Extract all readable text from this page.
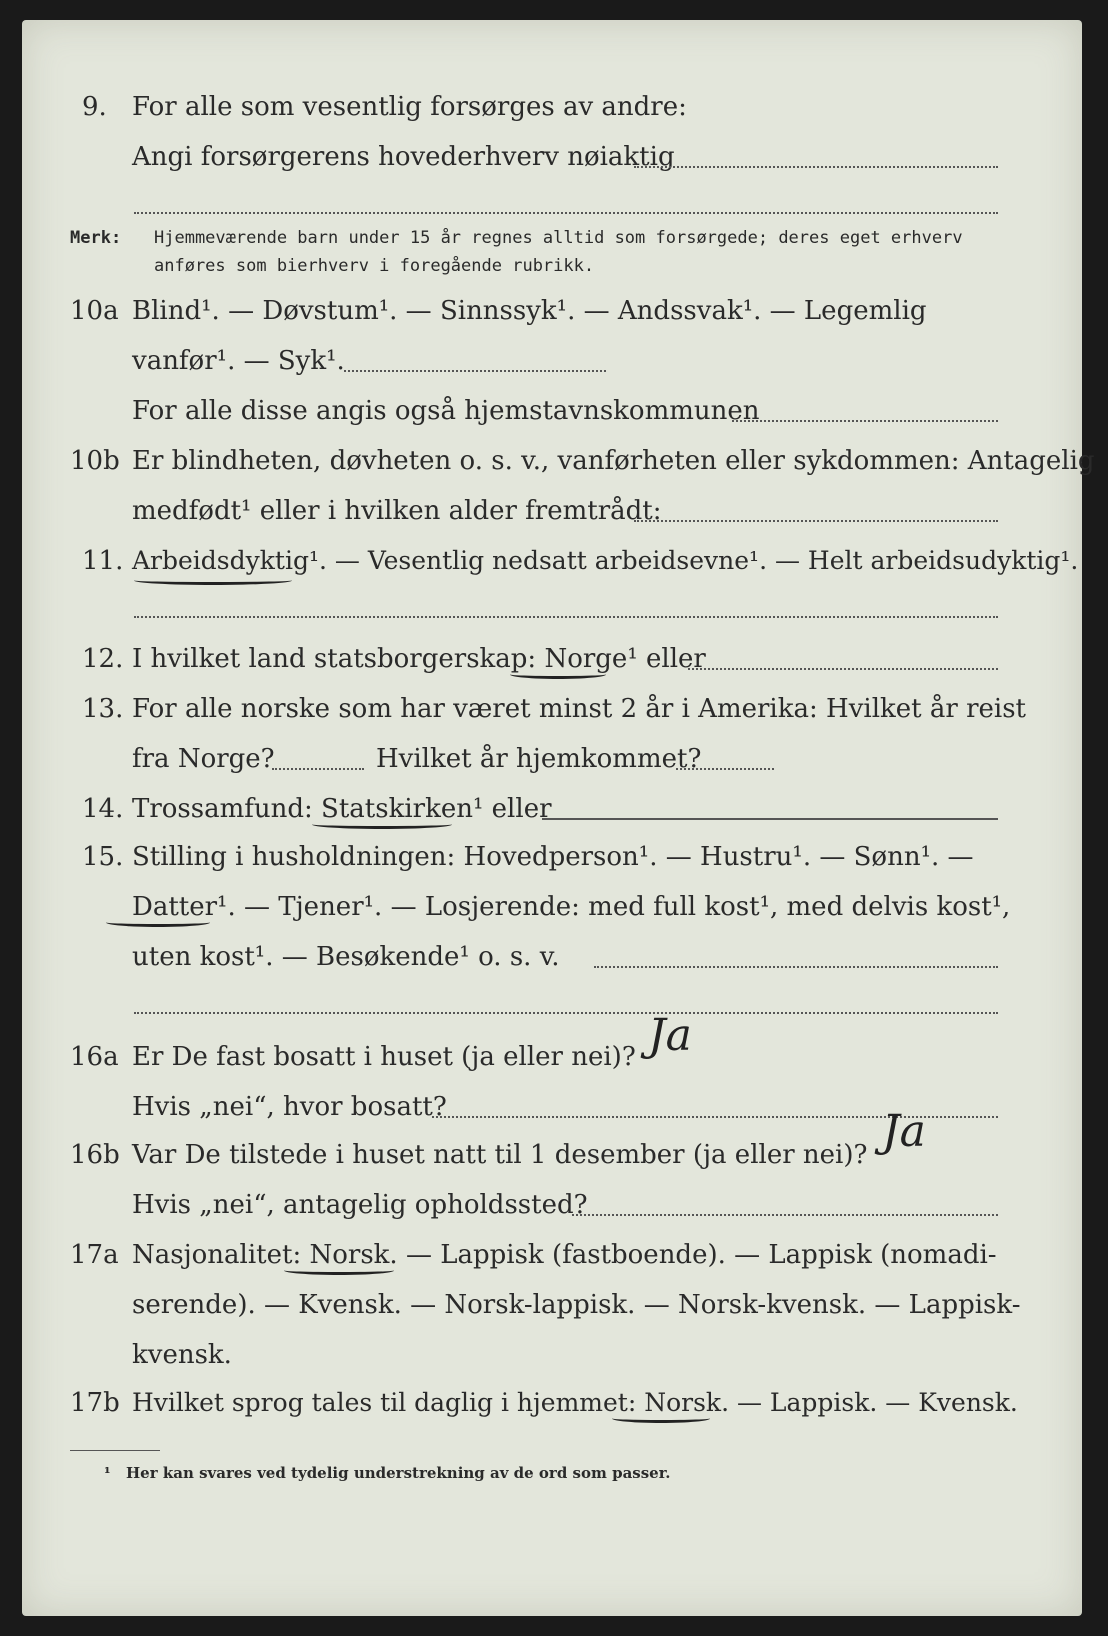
9. For alle som vesentlig forsørges av andre:
Angi forsørgerens hovederhverv nøiaktig
Merk: Hjemmeværende barn under 15 år regnes alltid som forsørgede; deres eget erhverv
anføres som bierhverv i foregående rubrikk.
10a Blind¹. — Døvstum¹. — Sinnssyk¹. — Andssvak¹. — Legemlig
vanfør¹. — Syk¹.
For alle disse angis også hjemstavnskommunen
10b Er blindheten, døvheten o. s. v., vanførheten eller sykdommen: Antagelig
medfødt¹ eller i hvilken alder fremtrådt:
11. Arbeidsdyktig¹. — Vesentlig nedsatt arbeidsevne¹. — Helt arbeidsudyktig¹.
12. I hvilket land statsborgerskap: Norge¹ eller
13. For alle norske som har været minst 2 år i Amerika: Hvilket år reist
fra Norge?	Hvilket år hjemkommet?
14. Trossamfund: Statskirken¹ eller
15. Stilling i husholdningen: Hovedperson¹. — Hustru¹. — Sønn¹. —
Datter¹. — Tjener¹. — Losjerende: med full kost¹, med delvis kost¹,
uten kost¹. — Besøkende¹ o. s. v.
16a Er De fast bosatt i huset (ja eller nei)? Ja
Hvis „nei“, hvor bosatt?
16b Var De tilstede i huset natt til 1 desember (ja eller nei)? Ja
Hvis „nei“, antagelig opholdssted?
17a Nasjonalitet: Norsk. — Lappisk (fastboende). — Lappisk (nomadi-
serende). — Kvensk. — Norsk-lappisk. — Norsk-kvensk. — Lappisk-
kvensk.
17b Hvilket sprog tales til daglig i hjemmet: Norsk. — Lappisk. — Kvensk.
¹ Her kan svares ved tydelig understrekning av de ord som passer.
